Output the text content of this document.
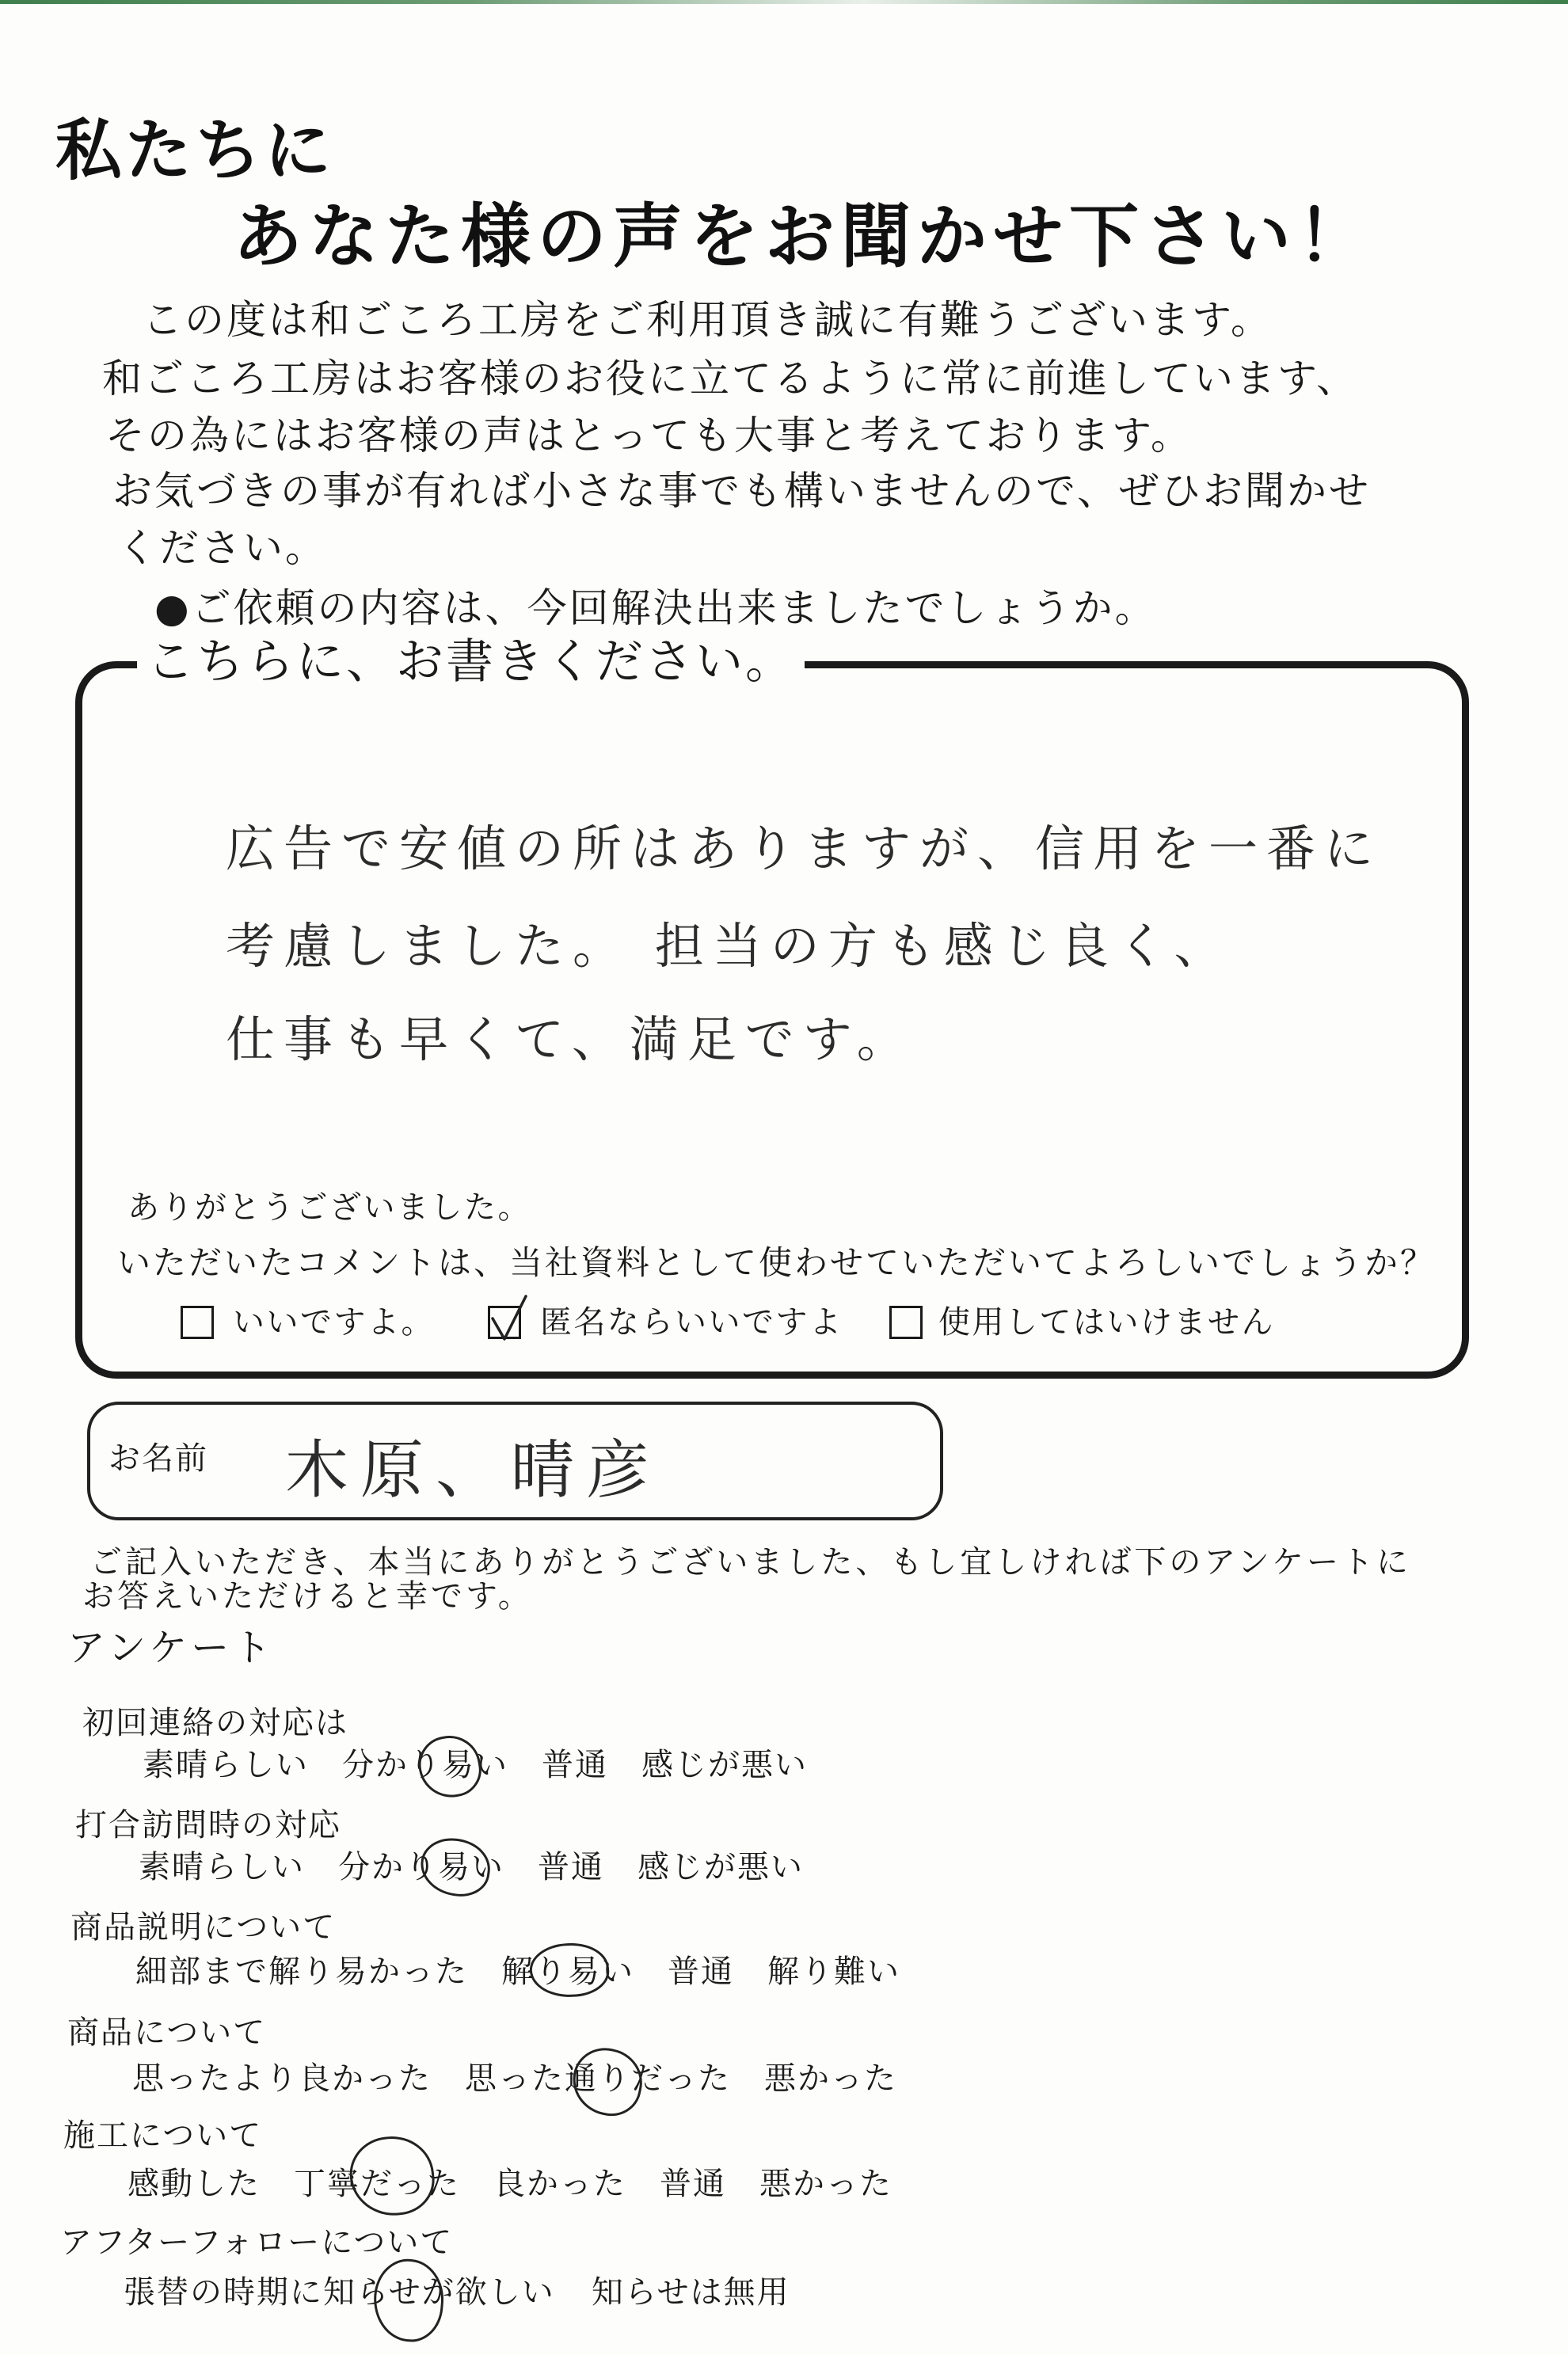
私たちに
あなた様の声をお聞かせ下さい！
この度は和ごころ工房をご利用頂き誠に有難うございます。
和ごころ工房はお客様のお役に立てるように常に前進しています、
その為にはお客様の声はとっても大事と考えております。
お気づきの事が有れば小さな事でも構いませんので、ぜひお聞かせ
ください。
●ご依頼の内容は、今回解決出来ましたでしょうか。
こちらに、お書きください。
広告で安値の所はありますが、信用を一番に
考慮しました。 担当の方も感じ良く、
仕事も早くて、満足です。
ありがとうございました。
いただいたコメントは、当社資料として使わせていただいてよろしいでしょうか？
いいですよ。	匿名ならいいですよ	使用してはいけません
お名前 木原、晴彦
ご記入いただき、本当にありがとうございました、もし宜しければ下のアンケートに
お答えいただけると幸です。
アンケート
初回連絡の対応は
素晴らしい 分かり易い 普通 感じが悪い
打合訪問時の対応
素晴らしい 分かり易い 普通 感じが悪い
商品説明について
細部まで解り易かった 解り易い 普通 解り難い
商品について
思ったより良かった 思った通りだった 悪かった
施工について
感動した 丁寧だった 良かった 普通 悪かった
アフターフォローについて
張替の時期に知らせが欲しい 知らせは無用
